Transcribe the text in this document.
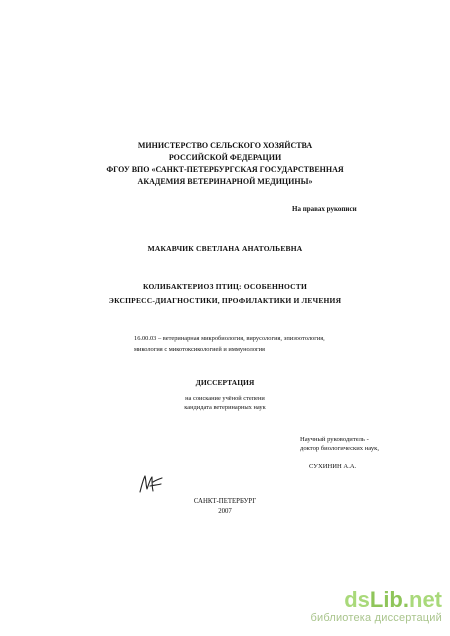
МИНИСТЕРСТВО СЕЛЬСКОГО ХОЗЯЙСТВА
РОССИЙСКОЙ ФЕДЕРАЦИИ
ФГОУ ВПО «САНКТ-ПЕТЕРБУРГСКАЯ ГОСУДАРСТВЕННАЯ
АКАДЕМИЯ ВЕТЕРИНАРНОЙ МЕДИЦИНЫ»
На правах рукописи
МАКАВЧИК СВЕТЛАНА АНАТОЛЬЕВНА
КОЛИБАКТЕРИОЗ ПТИЦ: ОСОБЕННОСТИ
ЭКСПРЕСС-ДИАГНОСТИКИ, ПРОФИЛАКТИКИ И ЛЕЧЕНИЯ
16.00.03 – ветеринарная микробиология, вирусология, эпизоотология,
микология с микотоксикологией и иммунология
ДИССЕРТАЦИЯ
на соискание учёной степени
кандидата ветеринарных наук
Научный руководитель -
доктор биологических наук,
СУХИНИН А.А.
САНКТ-ПЕТЕРБУРГ
2007
ds Lib . net
библиотека диссертаций
